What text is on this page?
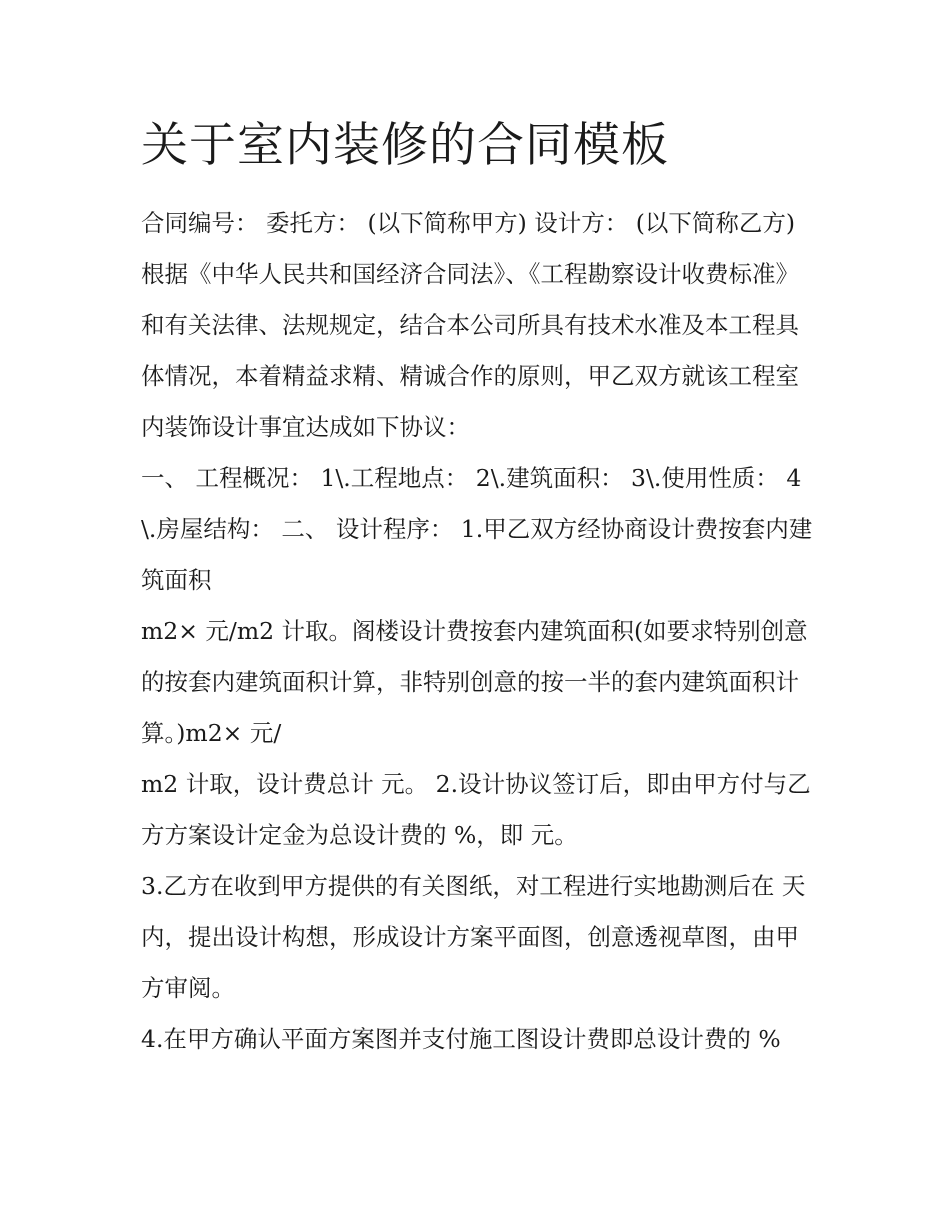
关于室内装修的合同模板

合同编号： 委托方： (以下简称甲方) 设计方： (以下简称乙方)

根据《中华人民共和国经济合同法》、《工程勘察设计收费标准》和有关法律、法规规定，结合本公司所具有技术水准及本工程具体情况，本着精益求精、精诚合作的原则，甲乙双方就该工程室内装饰设计事宜达成如下协议：

一、 工程概况： 1\.工程地点： 2\.建筑面积： 3\.使用性质： 4\.房屋结构： 二、 设计程序： 1.甲乙双方经协商设计费按套内建筑面积

m2× 元/m2 计取。阁楼设计费按套内建筑面积(如要求特别创意的按套内建筑面积计算，非特别创意的按一半的套内建筑面积计算。)m2× 元/

m2 计取，设计费总计 元。 2.设计协议签订后，即由甲方付与乙方方案设计定金为总设计费的 %，即 元。

3.乙方在收到甲方提供的有关图纸，对工程进行实地勘测后在 天内，提出设计构想，形成设计方案平面图，创意透视草图，由甲方审阅。

4.在甲方确认平面方案图并支付施工图设计费即总设计费的 %
